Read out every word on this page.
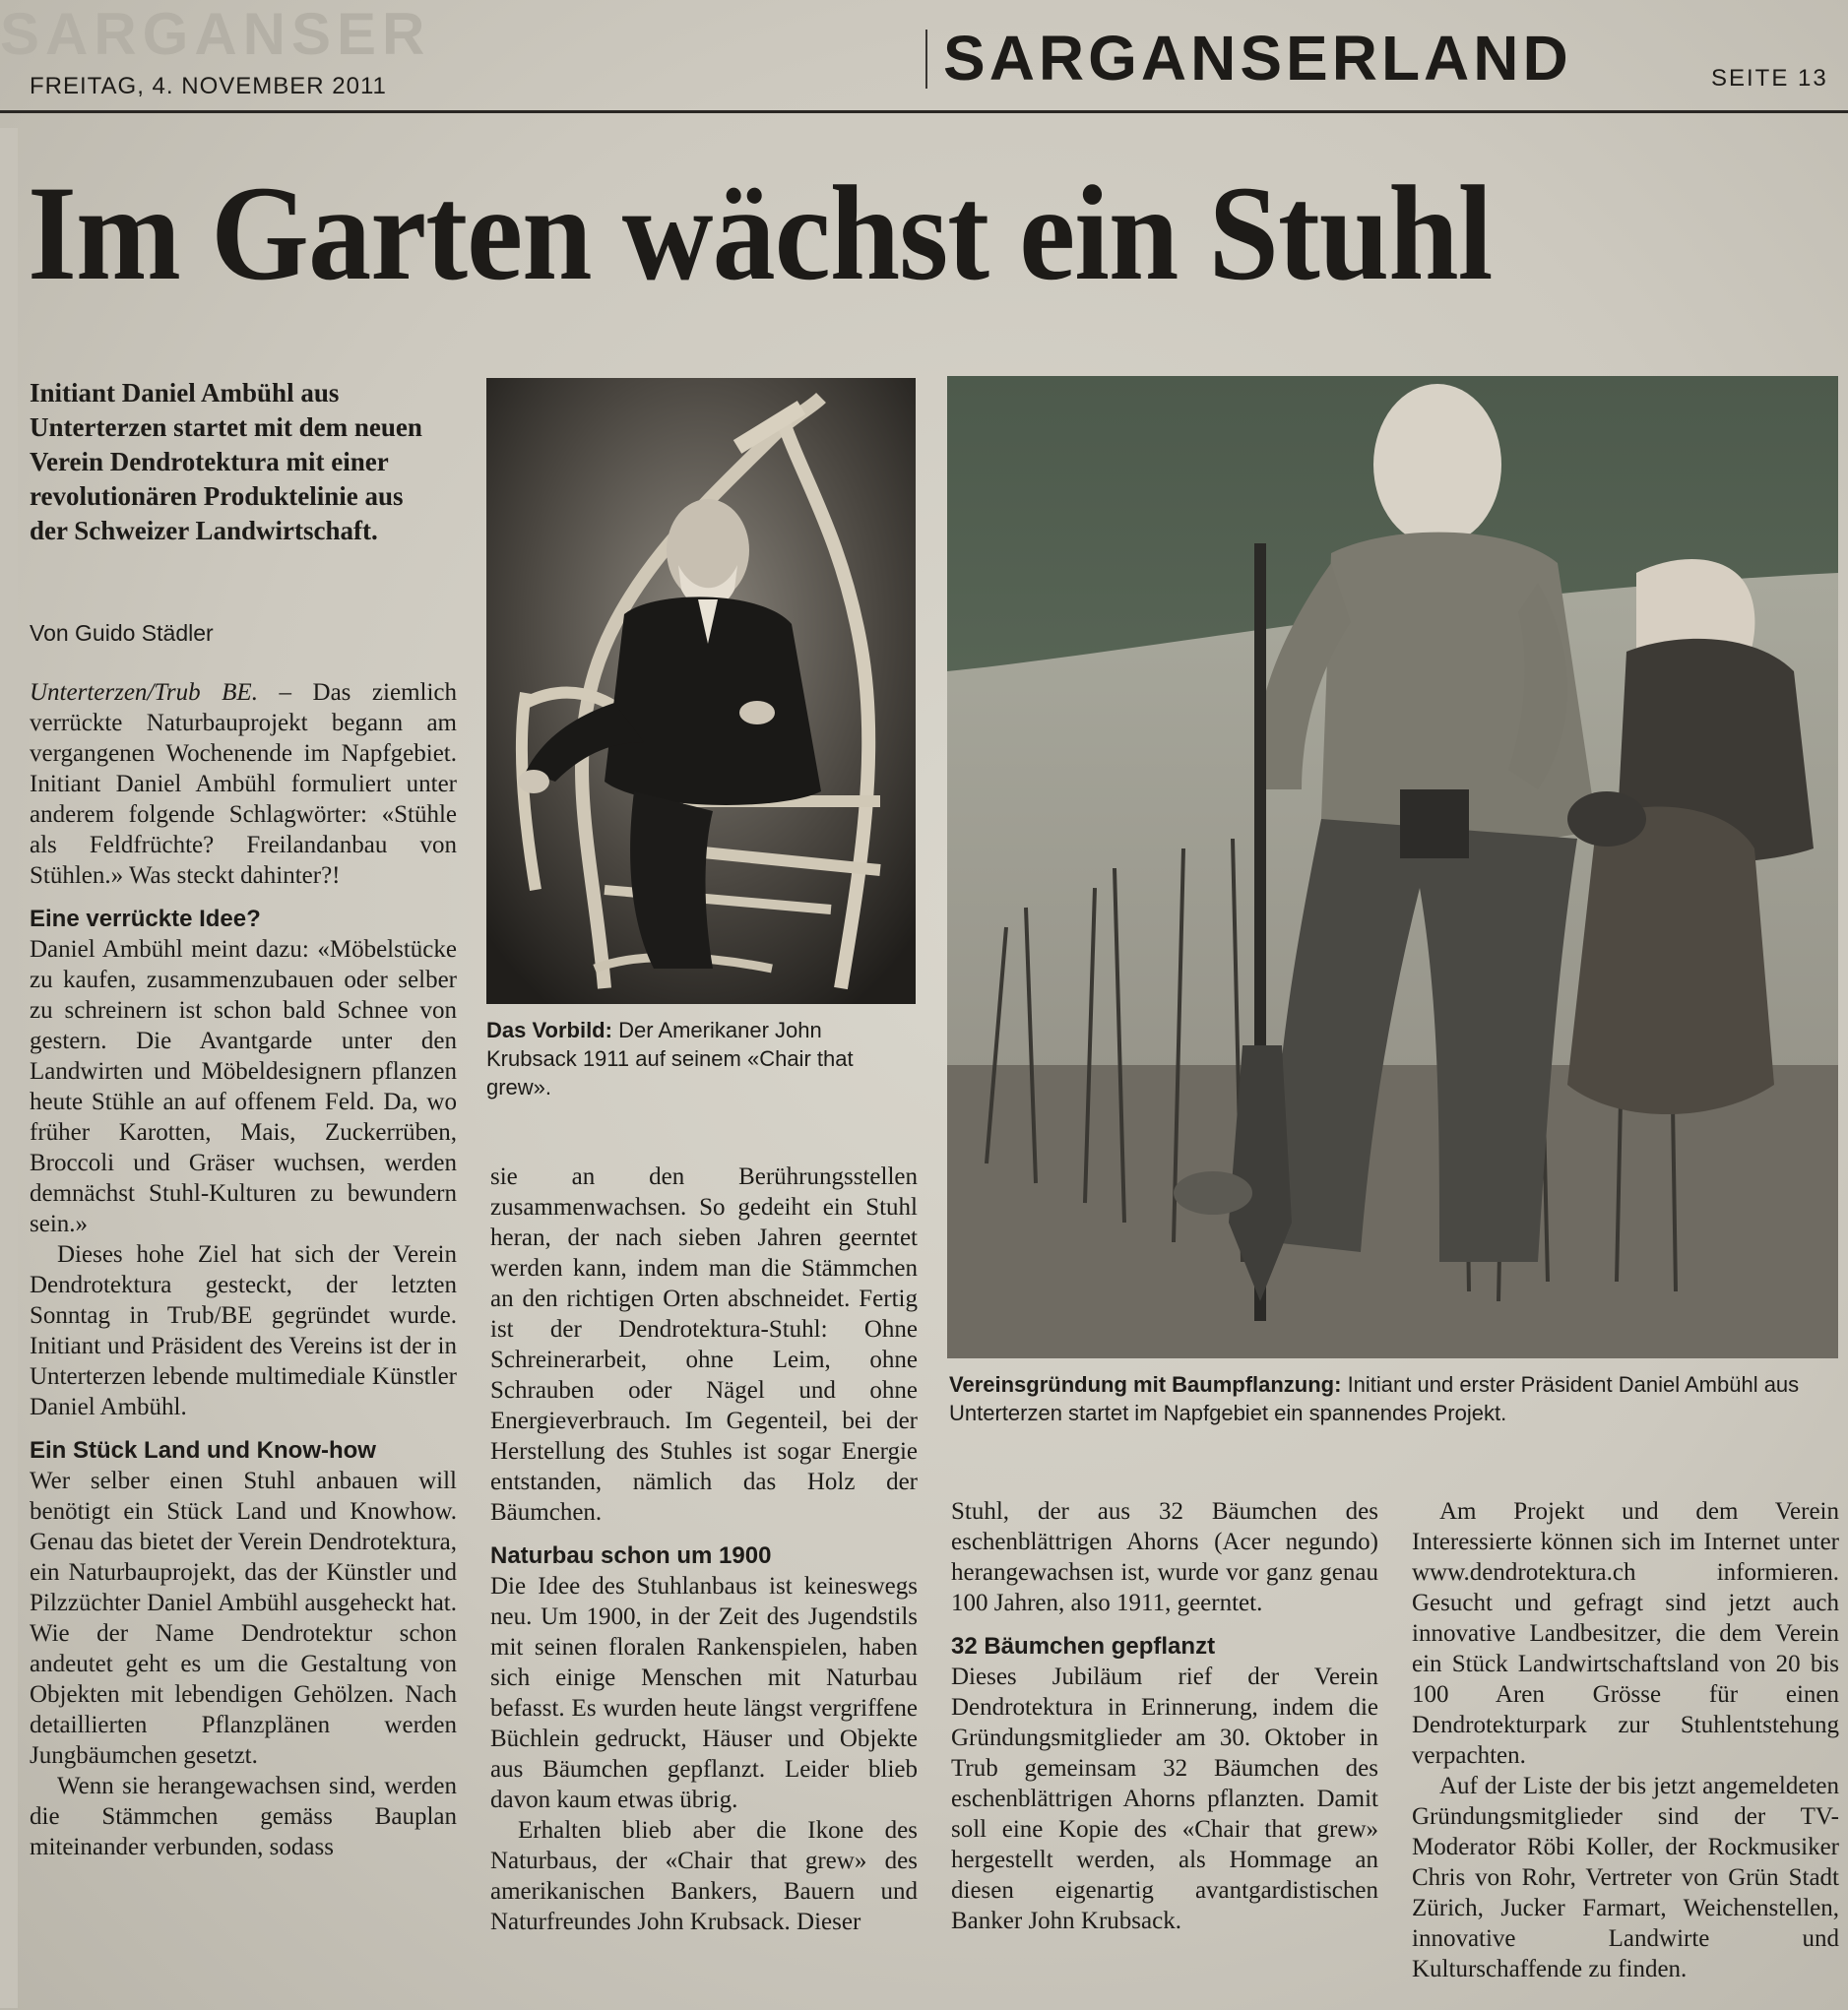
SARGANSER
FREITAG, 4. NOVEMBER 2011	SARGANSERLAND	SEITE 13
Im Garten wächst ein Stuhl
Initiant Daniel Ambühl aus Unterterzen startet mit dem neuen Verein Dendrotektura mit einer revolutionären Produktelinie aus der Schweizer Landwirtschaft.
Von Guido Städler

Unterterzen/Trub BE. – Das ziemlich verrückte Naturbauprojekt begann am vergangenen Wochenende im Napfgebiet. Initiant Daniel Ambühl formuliert unter anderem folgende Schlagwörter: «Stühle als Feldfrüchte? Freilandanbau von Stühlen.» Was steckt dahinter?!

Eine verrückte Idee?

Daniel Ambühl meint dazu: «Möbelstücke zu kaufen, zusammenzubauen oder selber zu schreinern ist schon bald Schnee von gestern. Die Avantgarde unter den Landwirten und Möbeldesignern pflanzen heute Stühle an auf offenem Feld. Da, wo früher Karotten, Mais, Zuckerrüben, Broccoli und Gräser wuchsen, werden demnächst Stuhl-Kulturen zu bewundern sein.»

Dieses hohe Ziel hat sich der Verein Dendrotektura gesteckt, der letzten Sonntag in Trub/BE gegründet wurde. Initiant und Präsident des Vereins ist der in Unterterzen lebende multimediale Künstler Daniel Ambühl.

Ein Stück Land und Know-how

Wer selber einen Stuhl anbauen will benötigt ein Stück Land und Knowhow. Genau das bietet der Verein Dendrotektura, ein Naturbauprojekt, das der Künstler und Pilzzüchter Daniel Ambühl ausgeheckt hat. Wie der Name Dendrotektur schon andeutet geht es um die Gestaltung von Objekten mit lebendigen Gehölzen. Nach detaillierten Pflanzplänen werden Jungbäumchen gesetzt.

Wenn sie herangewachsen sind, werden die Stämmchen gemäss Bauplan miteinander verbunden, sodass

Das Vorbild: Der Amerikaner John Krubsack 1911 auf seinem «Chair that grew».
Vereinsgründung mit Baumpflanzung: Initiant und erster Präsident Daniel Ambühl aus Unterterzen startet im Napfgebiet ein spannendes Projekt.

sie an den Berührungsstellen zusammenwachsen. So gedeiht ein Stuhl heran, der nach sieben Jahren geerntet werden kann, indem man die Stämmchen an den richtigen Orten abschneidet. Fertig ist der Dendrotektura-Stuhl: Ohne Schreinerarbeit, ohne Leim, ohne Schrauben oder Nägel und ohne Energieverbrauch. Im Gegenteil, bei der Herstellung des Stuhles ist sogar Energie entstanden, nämlich das Holz der Bäumchen.

Naturbau schon um 1900

Die Idee des Stuhlanbaus ist keineswegs neu. Um 1900, in der Zeit des Jugendstils mit seinen floralen Rankenspielen, haben sich einige Menschen mit Naturbau befasst. Es wurden heute längst vergriffene Büchlein gedruckt, Häuser und Objekte aus Bäumchen gepflanzt. Leider blieb davon kaum etwas übrig.

Erhalten blieb aber die Ikone des Naturbaus, der «Chair that grew» des amerikanischen Bankers, Bauern und Naturfreundes John Krubsack. Dieser

Stuhl, der aus 32 Bäumchen des eschenblättrigen Ahorns (Acer negundo) herangewachsen ist, wurde vor ganz genau 100 Jahren, also 1911, geerntet.

32 Bäumchen gepflanzt

Dieses Jubiläum rief der Verein Dendrotektura in Erinnerung, indem die Gründungsmitglieder am 30. Oktober in Trub gemeinsam 32 Bäumchen des eschenblättrigen Ahorns pflanzten. Damit soll eine Kopie des «Chair that grew» hergestellt werden, als Hommage an diesen eigenartig avantgardistischen Banker John Krubsack.

Am Projekt und dem Verein Interessierte können sich im Internet unter www.dendrotektura.ch informieren. Gesucht und gefragt sind jetzt auch innovative Landbesitzer, die dem Verein ein Stück Landwirtschaftsland von 20 bis 100 Aren Grösse für einen Dendrotekturpark zur Stuhlentstehung verpachten.

Auf der Liste der bis jetzt angemeldeten Gründungsmitglieder sind der TV-Moderator Röbi Koller, der Rockmusiker Chris von Rohr, Vertreter von Grün Stadt Zürich, Jucker Farmart, Weichenstellen, innovative Landwirte und Kulturschaffende zu finden.
